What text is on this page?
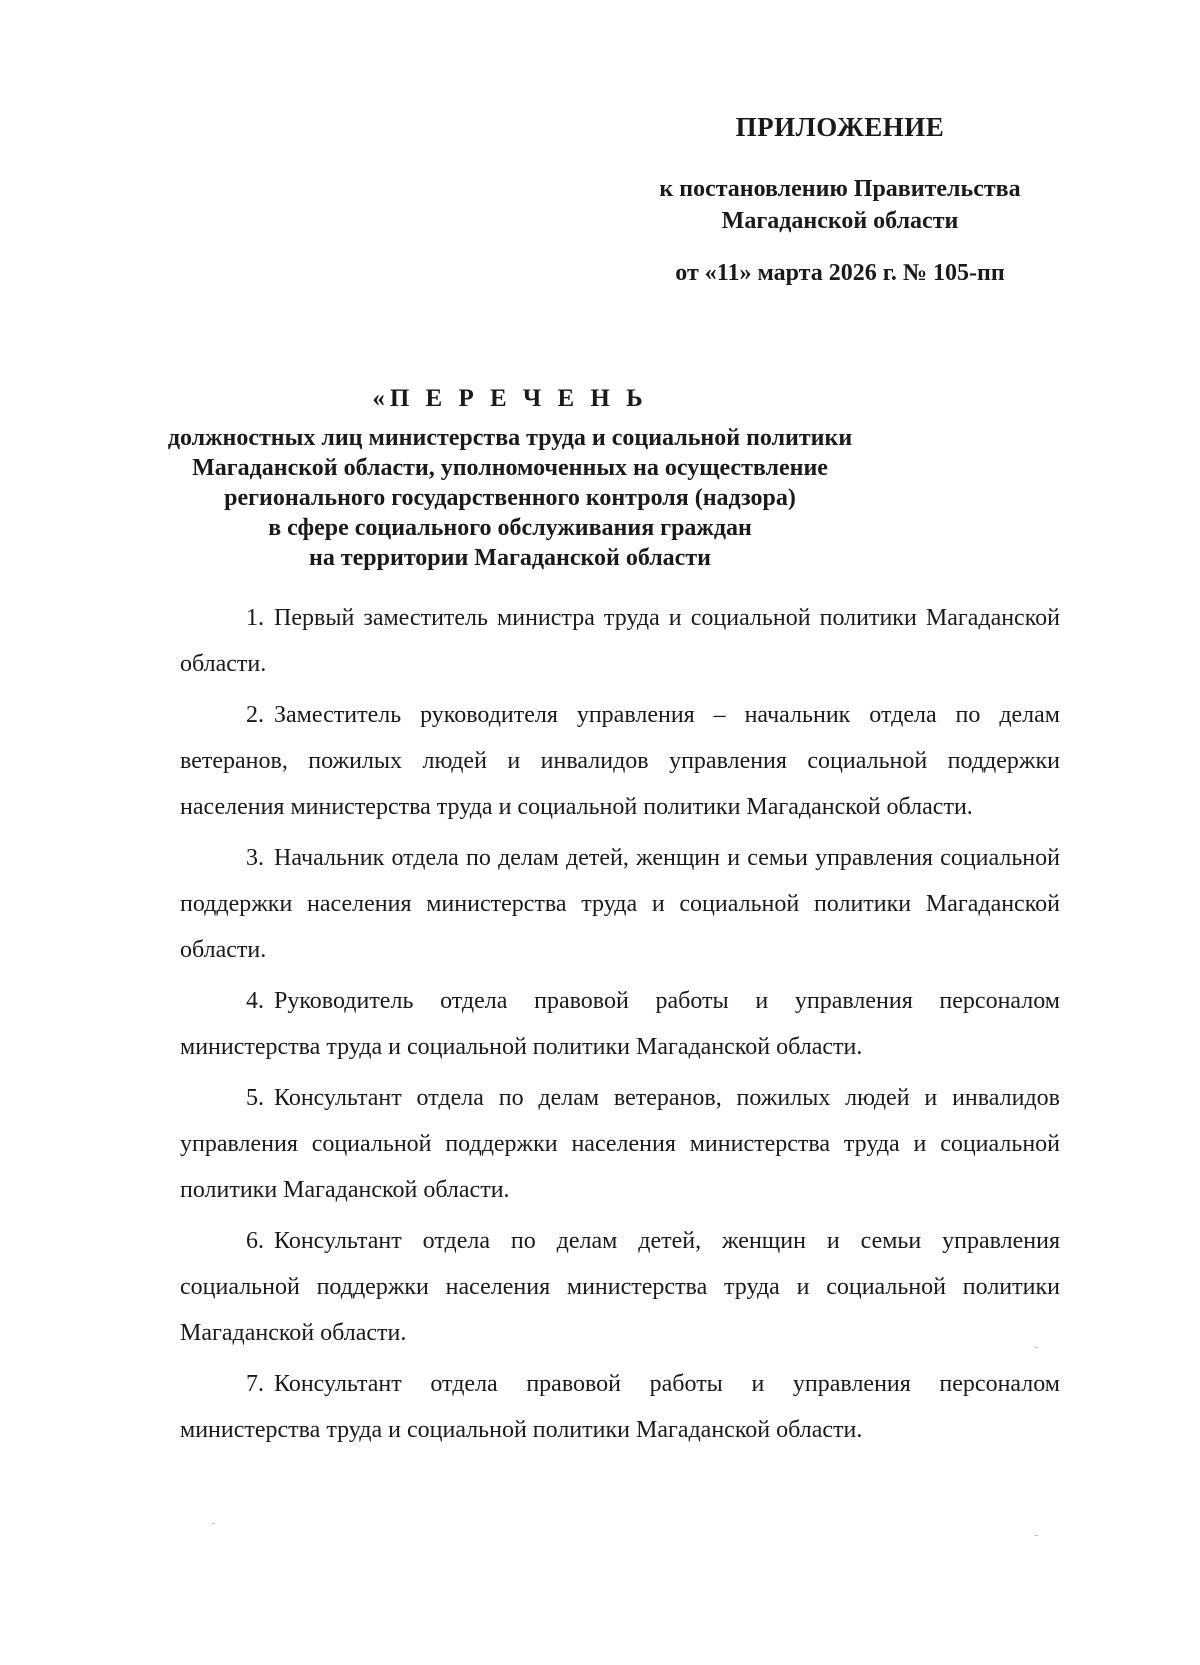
ПРИЛОЖЕНИЕ

к постановлению Правительства

Магаданской области

от «11» марта 2026 г. № 105-пп

«П Е Р Е Ч Е Н Ь

должностных лиц министерства труда и социальной политики

Магаданской области, уполномоченных на осуществление

регионального государственного контроля (надзора)

в сфере социального обслуживания граждан

на территории Магаданской области

1. Первый заместитель министра труда и социальной политики Магаданской области.

2. Заместитель руководителя управления – начальник отдела по делам ветеранов, пожилых людей и инвалидов управления социальной поддержки населения министерства труда и социальной политики Магаданской области.

3. Начальник отдела по делам детей, женщин и семьи управления социальной поддержки населения министерства труда и социальной политики Магаданской области.

4. Руководитель отдела правовой работы и управления персоналом министерства труда и социальной политики Магаданской области.

5. Консультант отдела по делам ветеранов, пожилых людей и инвалидов управления социальной поддержки населения министерства труда и социальной политики Магаданской области.

6. Консультант отдела по делам детей, женщин и семьи управления социальной поддержки населения министерства труда и социальной политики Магаданской области.

7. Консультант отдела правовой работы и управления персоналом министерства труда и социальной политики Магаданской области.
